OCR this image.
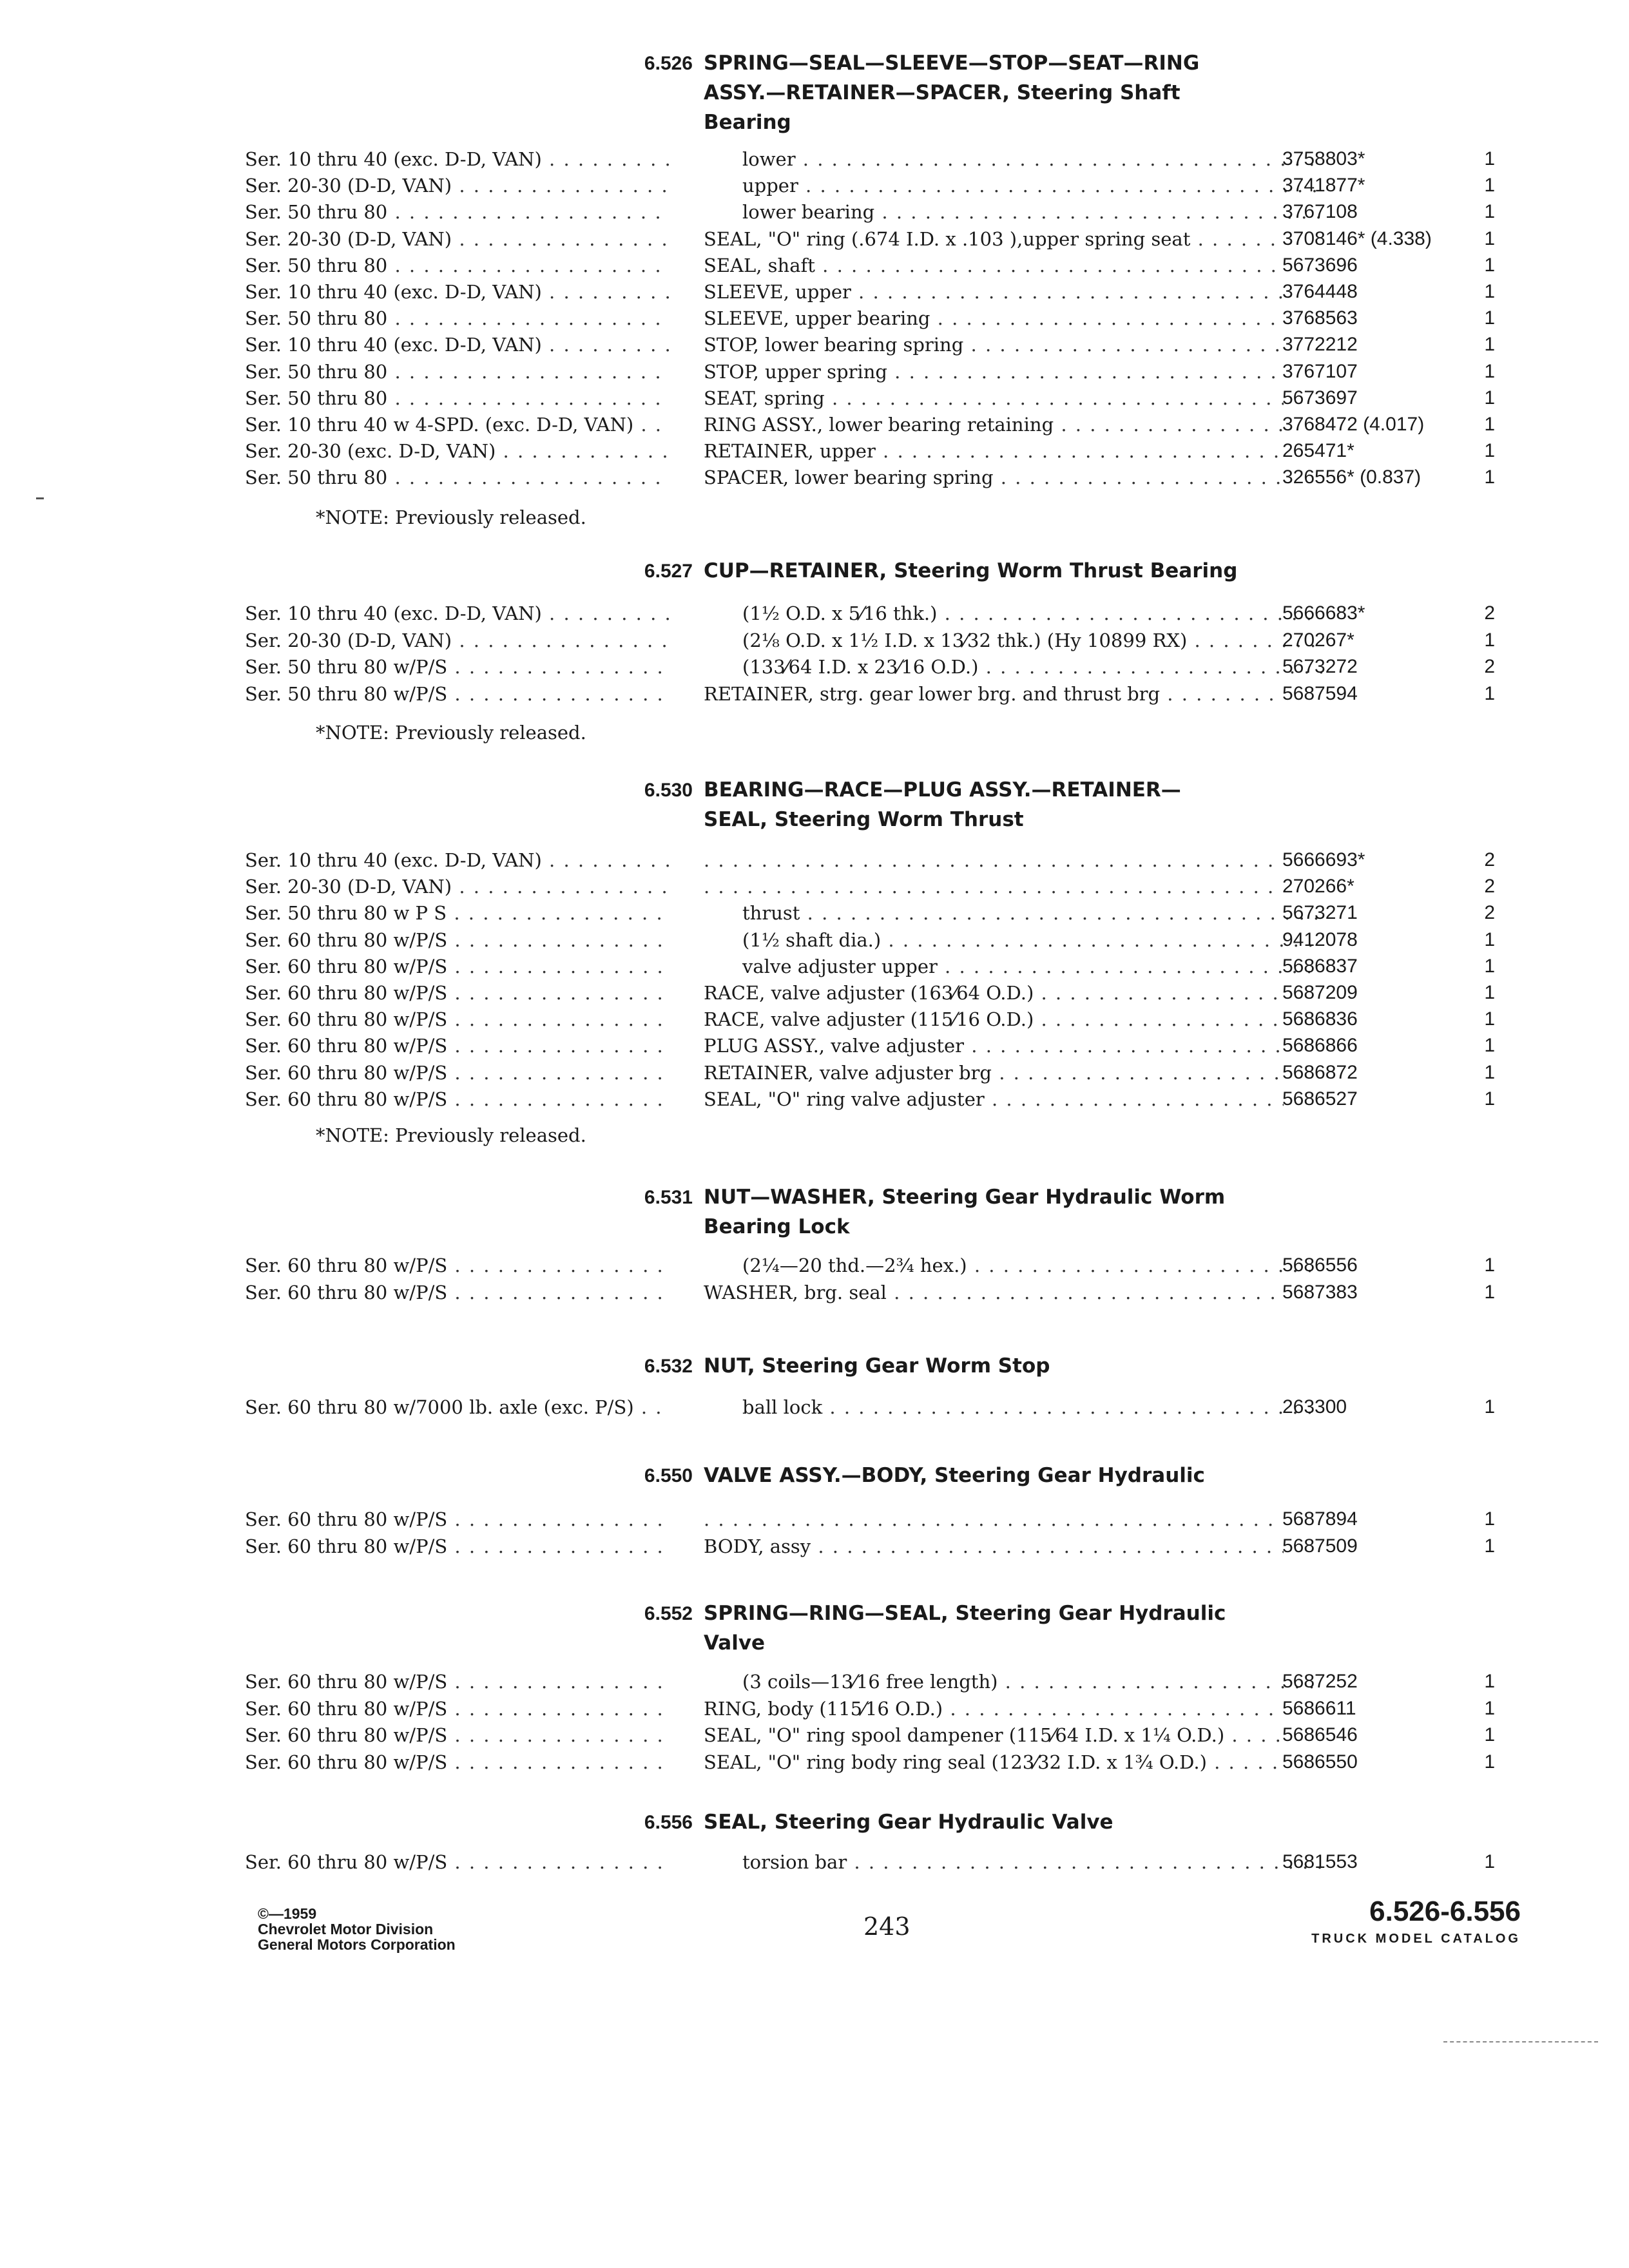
6.526 SPRING—SEAL—SLEEVE—STOP—SEAT—RING
ASSY.—RETAINER—SPACER, Steering Shaft
Bearing
Ser. 10 thru 40 (exc. D-D, VAN) . . .	lower . . .	3758803*	1
Ser. 20-30 (D-D, VAN) . . .	upper . . .	3741877*	1
Ser. 50 thru 80 . . .	lower bearing . . .	3767108	1
Ser. 20-30 (D-D, VAN) . . .	SEAL, "O" ring (.674 I.D. x .103 ),upper spring seat . . .	3708146* (4.338)	1
Ser. 50 thru 80 . . .	SEAL, shaft . . .	5673696	1
Ser. 10 thru 40 (exc. D-D, VAN) . . .	SLEEVE, upper . . .	3764448	1
Ser. 50 thru 80 . . .	SLEEVE, upper bearing . . .	3768563	1
Ser. 10 thru 40 (exc. D-D, VAN) . . .	STOP, lower bearing spring . . .	3772212	1
Ser. 50 thru 80 . . .	STOP, upper spring . . .	3767107	1
Ser. 50 thru 80 . . .	SEAT, spring . . .	5673697	1
Ser. 10 thru 40 w 4-SPD. (exc. D-D, VAN) . . .	RING ASSY., lower bearing retaining . . .	3768472 (4.017)	1
Ser. 20-30 (exc. D-D, VAN) . . .	RETAINER, upper . . .	265471*	1
Ser. 50 thru 80 . . .	SPACER, lower bearing spring . . .	326556* (0.837)	1
*NOTE: Previously released.
6.527 CUP—RETAINER, Steering Worm Thrust Bearing
Ser. 10 thru 40 (exc. D-D, VAN) . . .	(1½ O.D. x 5⁄16 thk.) . . .	5666683*	2
Ser. 20-30 (D-D, VAN) . . .	(2⅛ O.D. x 1½ I.D. x 13⁄32 thk.) (Hy 10899 RX) . . .	270267*	1
Ser. 50 thru 80 w/P/S . . .	(133⁄64 I.D. x 23⁄16 O.D.) . . .	5673272	2
Ser. 50 thru 80 w/P/S . . .	RETAINER, strg. gear lower brg. and thrust brg . . .	5687594	1
*NOTE: Previously released.
6.530 BEARING—RACE—PLUG ASSY.—RETAINER—
SEAL, Steering Worm Thrust
Ser. 10 thru 40 (exc. D-D, VAN) . . . . . .	5666693*	2
Ser. 20-30 (D-D, VAN) . . . . . .	270266*	2
Ser. 50 thru 80 w P S . . .	thrust . . .	5673271	2
Ser. 60 thru 80 w/P/S . . .	(1½ shaft dia.) . . .	9412078	1
Ser. 60 thru 80 w/P/S . . .	valve adjuster upper . . .	5686837	1
Ser. 60 thru 80 w/P/S . . .	RACE, valve adjuster (163⁄64 O.D.) . . .	5687209	1
Ser. 60 thru 80 w/P/S . . .	RACE, valve adjuster (115⁄16 O.D.) . . .	5686836	1
Ser. 60 thru 80 w/P/S . . .	PLUG ASSY., valve adjuster . . .	5686866	1
Ser. 60 thru 80 w/P/S . . .	RETAINER, valve adjuster brg . . .	5686872	1
Ser. 60 thru 80 w/P/S . . .	SEAL, "O" ring valve adjuster . . .	5686527	1
*NOTE: Previously released.
6.531 NUT—WASHER, Steering Gear Hydraulic Worm
Bearing Lock
Ser. 60 thru 80 w/P/S . . .	(2¼—20 thd.—2¾ hex.) . . .	5686556	1
Ser. 60 thru 80 w/P/S . . .	WASHER, brg. seal . . .	5687383	1
6.532 NUT, Steering Gear Worm Stop
Ser. 60 thru 80 w/7000 lb. axle (exc. P/S) . . .	ball lock . . .	263300	1
6.550 VALVE ASSY.—BODY, Steering Gear Hydraulic
Ser. 60 thru 80 w/P/S . . . . . .	5687894	1
Ser. 60 thru 80 w/P/S . . .	BODY, assy . . .	5687509	1
6.552 SPRING—RING—SEAL, Steering Gear Hydraulic
Valve
Ser. 60 thru 80 w/P/S . . .	(3 coils—13⁄16 free length) . . .	5687252	1
Ser. 60 thru 80 w/P/S . . .	RING, body (115⁄16 O.D.) . . .	5686611	1
Ser. 60 thru 80 w/P/S . . .	SEAL, "O" ring spool dampener (115⁄64 I.D. x 1¼ O.D.) . . .	5686546	1
Ser. 60 thru 80 w/P/S . . .	SEAL, "O" ring body ring seal (123⁄32 I.D. x 1¾ O.D.) . . .	5686550	1
6.556 SEAL, Steering Gear Hydraulic Valve
Ser. 60 thru 80 w/P/S . . .	torsion bar . . .	5681553	1
©—1959
Chevrolet Motor Division
General Motors Corporation
243	6.526-6.556
TRUCK MODEL CATALOG
